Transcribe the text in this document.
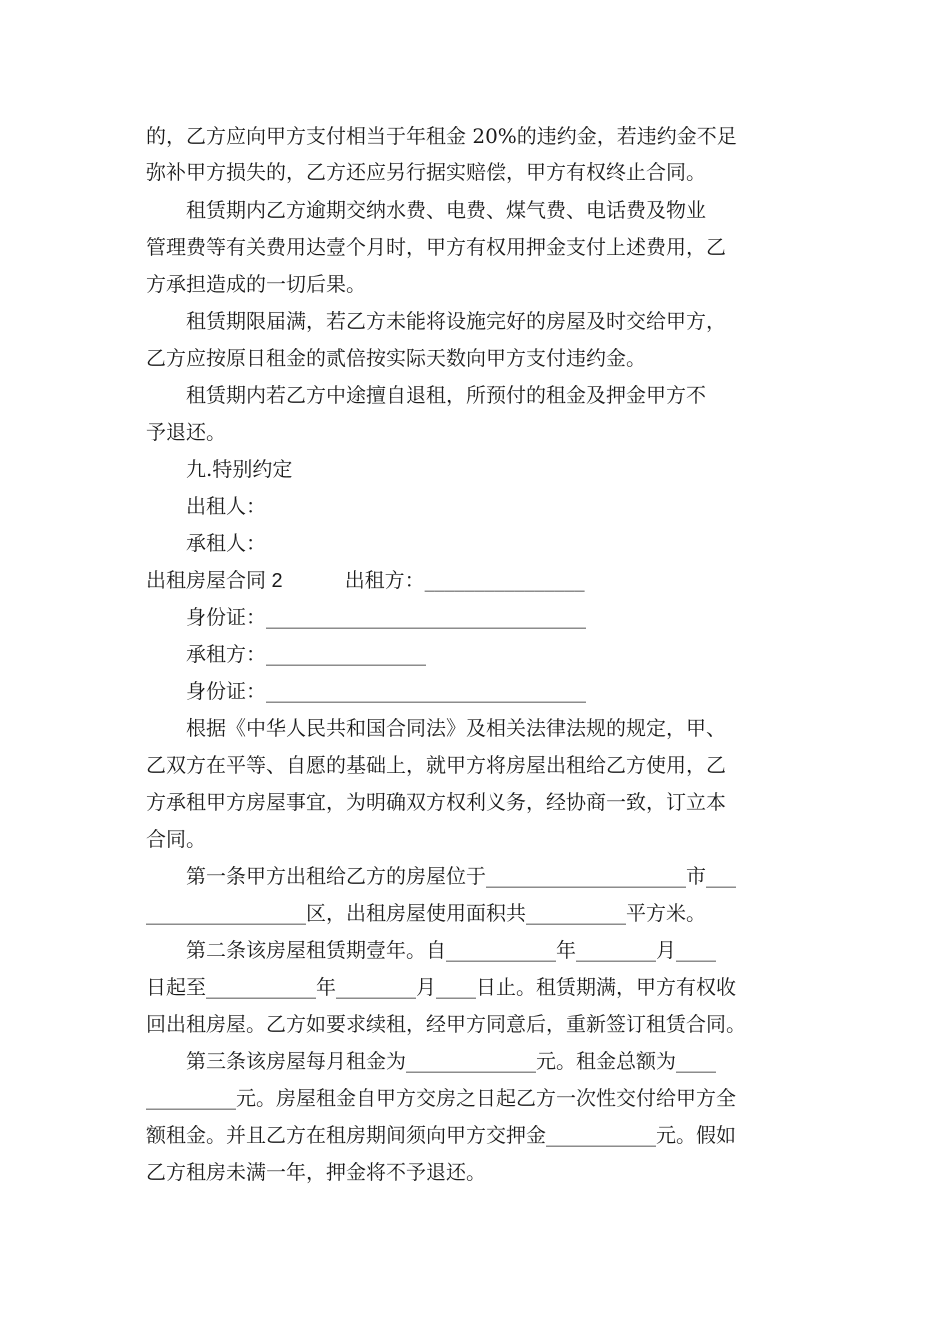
的，乙方应向甲方支付相当于年租金 20%的违约金，若违约金不足
弥补甲方损失的，乙方还应另行据实赔偿，甲方有权终止合同。
　　租赁期内乙方逾期交纳水费、电费、煤气费、电话费及物业
管理费等有关费用达壹个月时，甲方有权用押金支付上述费用，乙
方承担造成的一切后果。
　　租赁期限届满，若乙方未能将设施完好的房屋及时交给甲方，
乙方应按原日租金的贰倍按实际天数向甲方支付违约金。
　　租赁期内若乙方中途擅自退租，所预付的租金及押金甲方不
予退还。
　　九.特别约定
　　出租人：
　　承租人：
出租房屋合同 2	出租方：________________
　　身份证：________________________________
　　承租方：________________
　　身份证：________________________________
　　根据《中华人民共和国合同法》及相关法律法规的规定，甲、
乙双方在平等、自愿的基础上，就甲方将房屋出租给乙方使用，乙
方承租甲方房屋事宜，为明确双方权利义务，经协商一致，订立本
合同。
　　第一条甲方出租给乙方的房屋位于____________________市___
________________区，出租房屋使用面积共__________平方米。
　　第二条该房屋租赁期壹年。自___________年________月____
日起至___________年________月____日止。租赁期满，甲方有权收
回出租房屋。乙方如要求续租，经甲方同意后，重新签订租赁合同。
　　第三条该房屋每月租金为_____________元。租金总额为____
_________元。房屋租金自甲方交房之日起乙方一次性交付给甲方全
额租金。并且乙方在租房期间须向甲方交押金___________元。假如
乙方租房未满一年，押金将不予退还。
